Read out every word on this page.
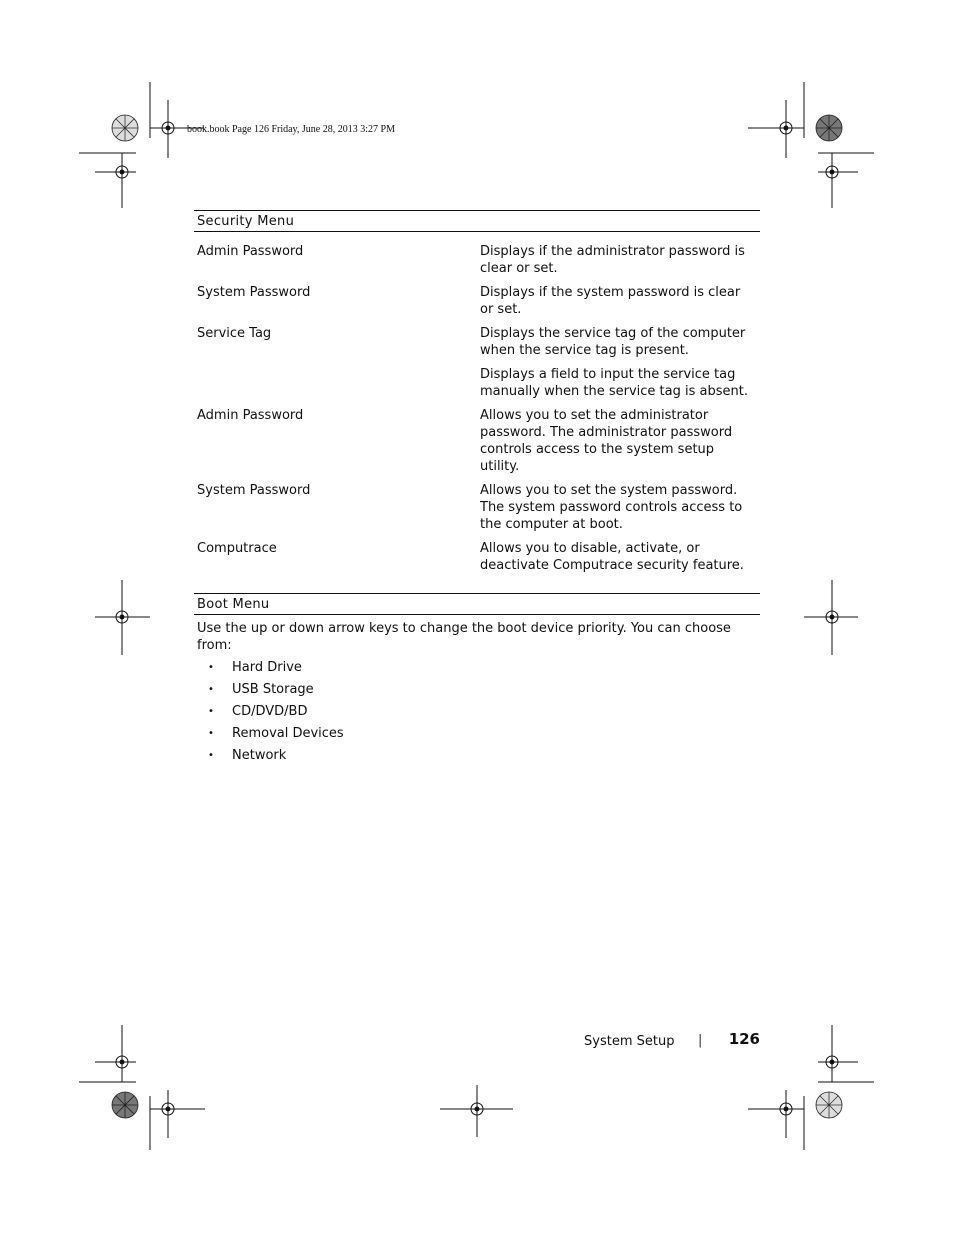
book.book Page 126 Friday, June 28, 2013 3:27 PM
Security Menu
Admin Password	Displays if the administrator password is clear or set.
System Password	Displays if the system password is clear or set.
Service Tag	Displays the service tag of the computer when the service tag is present.
Displays a field to input the service tag manually when the service tag is absent.
Admin Password	Allows you to set the administrator password. The administrator password controls access to the system setup utility.
System Password	Allows you to set the system password. The system password controls access to the computer at boot.
Computrace	Allows you to disable, activate, or deactivate Computrace security feature.
Boot Menu
Use the up or down arrow keys to change the boot device priority. You can choose from:
• Hard Drive
• USB Storage
• CD/DVD/BD
• Removal Devices
• Network
System Setup | 126
